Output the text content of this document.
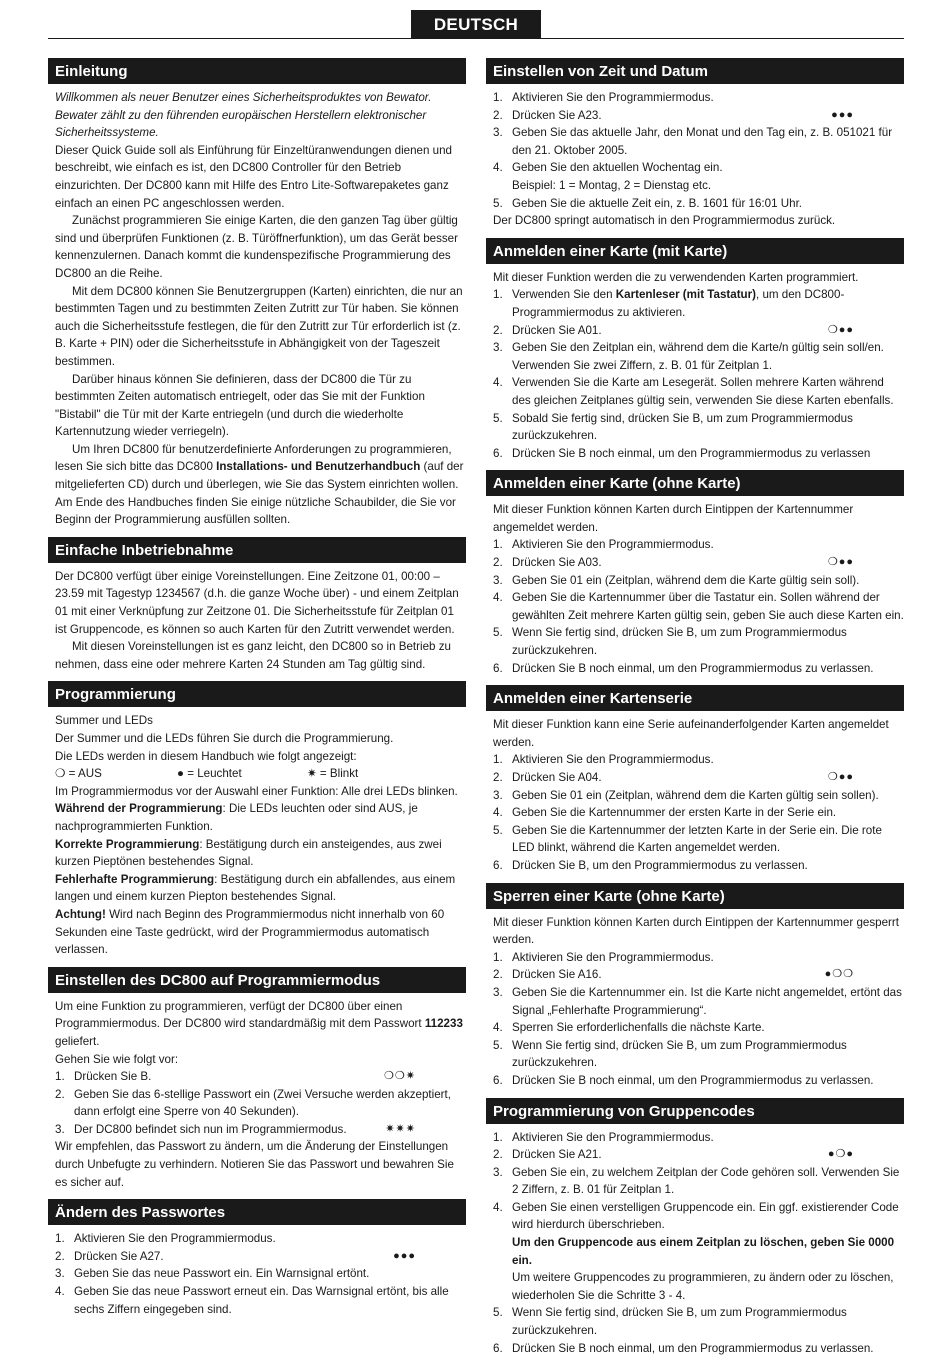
DEUTSCH
Einleitung

Willkommen als neuer Benutzer eines Sicherheitsproduktes von Bewator. Bewater zählt zu den führenden europäischen Herstellern elektronischer Sicherheitssysteme.

Dieser Quick Guide soll als Einführung für Einzeltüranwendungen dienen und beschreibt, wie einfach es ist, den DC800 Controller für den Betrieb einzurichten. Der DC800 kann mit Hilfe des Entro Lite-Softwarepaketes ganz einfach an einen PC angeschlossen werden.

Zunächst programmieren Sie einige Karten, die den ganzen Tag über gültig sind und überprüfen Funktionen (z. B. Türöffnerfunktion), um das Gerät besser kennenzulernen. Danach kommt die kundenspezifische Programmierung des DC800 an die Reihe.

Mit dem DC800 können Sie Benutzergruppen (Karten) einrichten, die nur an bestimmten Tagen und zu bestimmten Zeiten Zutritt zur Tür haben. Sie können auch die Sicherheitsstufe festlegen, die für den Zutritt zur Tür erforderlich ist (z. B. Karte + PIN) oder die Sicherheitsstufe in Abhängigkeit von der Tageszeit bestimmen.

Darüber hinaus können Sie definieren, dass der DC800 die Tür zu bestimmten Zeiten automatisch entriegelt, oder das Sie mit der Funktion "Bistabil" die Tür mit der Karte entriegeln (und durch die wiederholte Kartennutzung wieder verriegeln).

Um Ihren DC800 für benutzerdefinierte Anforderungen zu programmieren, lesen Sie sich bitte das DC800 Installations- und Benutzerhandbuch (auf der mitgelieferten CD) durch und überlegen, wie Sie das System einrichten wollen. Am Ende des Handbuches finden Sie einige nützliche Schaubilder, die Sie vor Beginn der Programmierung ausfüllen sollten.

Einfache Inbetriebnahme

Der DC800 verfügt über einige Voreinstellungen. Eine Zeitzone 01, 00:00 – 23.59 mit Tagestyp 1234567 (d.h. die ganze Woche über) - und einem Zeitplan 01 mit einer Verknüpfung zur Zeitzone 01. Die Sicherheitsstufe für Zeitplan 01 ist Gruppencode, es können so auch Karten für den Zutritt verwendet werden.

Mit diesen Voreinstellungen ist es ganz leicht, den DC800 so in Betrieb zu nehmen, dass eine oder mehrere Karten 24 Stunden am Tag gültig sind.

Programmierung

Summer und LEDs

Der Summer und die LEDs führen Sie durch die Programmierung.

Die LEDs werden in diesem Handbuch wie folgt angezeigt:

❍ = AUS	● = Leuchtet	✷ = Blinkt

Im Programmiermodus vor der Auswahl einer Funktion: Alle drei LEDs blinken.

Während der Programmierung: Die LEDs leuchten oder sind AUS, je nachprogrammierten Funktion.

Korrekte Programmierung: Bestätigung durch ein ansteigendes, aus zwei kurzen Pieptönen bestehendes Signal.

Fehlerhafte Programmierung: Bestätigung durch ein abfallendes, aus einem langen und einem kurzen Piepton bestehendes Signal.

Achtung! Wird nach Beginn des Programmiermodus nicht innerhalb von 60 Sekunden eine Taste gedrückt, wird der Programmiermodus automatisch verlassen.

Einstellen des DC800 auf Programmiermodus

Um eine Funktion zu programmieren, verfügt der DC800 über einen Programmiermodus. Der DC800 wird standardmäßig mit dem Passwort 112233 geliefert.

Gehen Sie wie folgt vor:

1. Drücken Sie B.	❍❍✷
2. Geben Sie das 6-stellige Passwort ein (Zwei Versuche werden akzeptiert, dann erfolgt eine Sperre von 40 Sekunden).
3. Der DC800 befindet sich nun im Programmiermodus.	✷✷✷

Wir empfehlen, das Passwort zu ändern, um die Änderung der Einstellungen durch Unbefugte zu verhindern. Notieren Sie das Passwort und bewahren Sie es sicher auf.

Ändern des Passwortes
1. Aktivieren Sie den Programmiermodus.
2. Drücken Sie A27.	●●●
3. Geben Sie das neue Passwort ein. Ein Warnsignal ertönt.
4. Geben Sie das neue Passwort erneut ein. Das Warnsignal ertönt, bis alle sechs Ziffern eingegeben sind.
Einstellen von Zeit und Datum
1. Aktivieren Sie den Programmiermodus.
2. Drücken Sie A23.	●●●
3. Geben Sie das aktuelle Jahr, den Monat und den Tag ein, z. B. 051021 für den 21. Oktober 2005.
4. Geben Sie den aktuellen Wochentag ein.
Beispiel: 1 = Montag, 2 = Dienstag etc.
5. Geben Sie die aktuelle Zeit ein, z. B. 1601 für 16:01 Uhr.

Der DC800 springt automatisch in den Programmiermodus zurück.

Anmelden einer Karte (mit Karte)

Mit dieser Funktion werden die zu verwendenden Karten programmiert.

1. Verwenden Sie den Kartenleser (mit Tastatur), um den DC800-Programmiermodus zu aktivieren.
2. Drücken Sie A01.	❍●●
3. Geben Sie den Zeitplan ein, während dem die Karte/n gültig sein soll/en. Verwenden Sie zwei Ziffern, z. B. 01 für Zeitplan 1.
4. Verwenden Sie die Karte am Lesegerät. Sollen mehrere Karten während des gleichen Zeitplanes gültig sein, verwenden Sie diese Karten ebenfalls.
5. Sobald Sie fertig sind, drücken Sie B, um zum Programmiermodus zurückzukehren.
6. Drücken Sie B noch einmal, um den Programmiermodus zu verlassen
Anmelden einer Karte (ohne Karte)

Mit dieser Funktion können Karten durch Eintippen der Kartennummer angemeldet werden.

1. Aktivieren Sie den Programmiermodus.
2. Drücken Sie A03.	❍●●
3. Geben Sie 01 ein (Zeitplan, während dem die Karte gültig sein soll).
4. Geben Sie die Kartennummer über die Tastatur ein. Sollen während der gewählten Zeit mehrere Karten gültig sein, geben Sie auch diese Karten ein.
5. Wenn Sie fertig sind, drücken Sie B, um zum Programmiermodus zurückzukehren.
6. Drücken Sie B noch einmal, um den Programmiermodus zu verlassen.
Anmelden einer Kartenserie

Mit dieser Funktion kann eine Serie aufeinanderfolgender Karten angemeldet werden.

1. Aktivieren Sie den Programmiermodus.
2. Drücken Sie A04.	❍●●
3. Geben Sie 01 ein (Zeitplan, während dem die Karten gültig sein sollen).
4. Geben Sie die Kartennummer der ersten Karte in der Serie ein.
5. Geben Sie die Kartennummer der letzten Karte in der Serie ein. Die rote LED blinkt, während die Karten angemeldet werden.
6. Drücken Sie B, um den Programmiermodus zu verlassen.
Sperren einer Karte (ohne Karte)

Mit dieser Funktion können Karten durch Eintippen der Kartennummer gesperrt werden.

1. Aktivieren Sie den Programmiermodus.
2. Drücken Sie A16.	●❍❍
3. Geben Sie die Kartennummer ein. Ist die Karte nicht angemeldet, ertönt das Signal „Fehlerhafte Programmierung“.
4. Sperren Sie erforderlichenfalls die nächste Karte.
5. Wenn Sie fertig sind, drücken Sie B, um zum Programmiermodus zurückzukehren.
6. Drücken Sie B noch einmal, um den Programmiermodus zu verlassen.
Programmierung von Gruppencodes
1. Aktivieren Sie den Programmiermodus.
2. Drücken Sie A21.	●❍●
3. Geben Sie ein, zu welchem Zeitplan der Code gehören soll. Verwenden Sie 2 Ziffern, z. B. 01 für Zeitplan 1.
4. Geben Sie einen verstelligen Gruppencode ein. Ein ggf. existierender Code wird hierdurch überschrieben.
Um den Gruppencode aus einem Zeitplan zu löschen, geben Sie 0000 ein.
Um weitere Gruppencodes zu programmieren, zu ändern oder zu löschen, wiederholen Sie die Schritte 3 - 4.
5. Wenn Sie fertig sind, drücken Sie B, um zum Programmiermodus zurückzukehren.
6. Drücken Sie B noch einmal, um den Programmiermodus zu verlassen.
